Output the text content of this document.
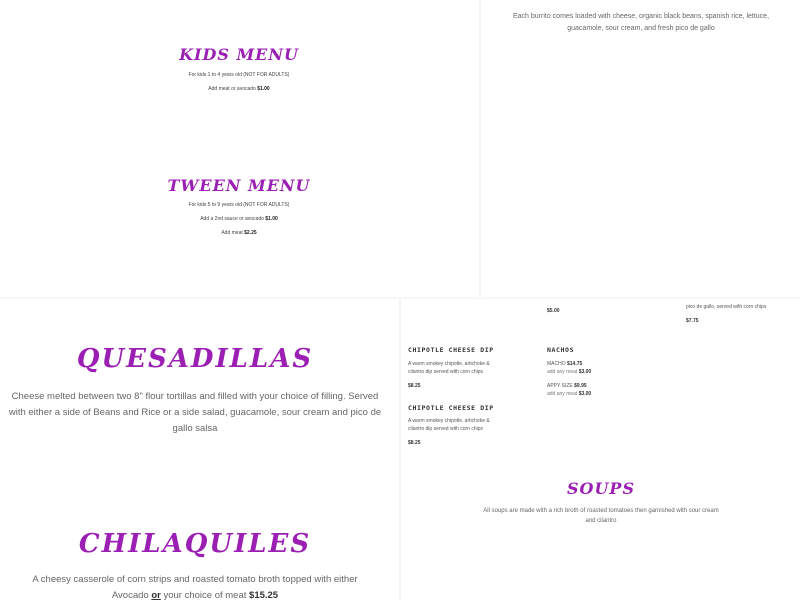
KIDS MENU
For kids 1 to 4 years old (NOT FOR ADULTS)
Add meat or avocado $1.00
TWEEN MENU
For kids 5 to 9 years old (NOT FOR ADULTS)
Add a 2nd sauce or avocado $1.00
Add meat $2.25
Each burrito comes loaded with cheese, organic black beans, spanish rice, lettuce,
guacamole, sour cream, and fresh pico de gallo
QUESADILLAS
Cheese melted between two 8" flour tortillas and filled with your choice of filling. Served
with either a side of Beans and Rice or a side salad, guacamole, sour cream and pico de
gallo salsa
CHILAQUILES
A cheesy casserole of corn strips and roasted tomato broth topped with either
Avocado or your choice of meat $15.25
$5.00
pico de gallo, served with corn chips
$7.75
CHIPOTLE CHEESE DIP
A warm smokey chipotle, artichoke &
cilantro dip served with corn chips
$8.25
CHIPOTLE CHEESE DIP
A warm smokey chipotle, artichoke &
cilantro dip served with corn chips
$8.25
NACHOS
MACHO $14.75
add any meat $3.00
APPY SIZE $9.95
add any meat $3.00
SOUPS
All soups are made with a rich broth of roasted tomatoes then garnished with sour cream
and cilantro
